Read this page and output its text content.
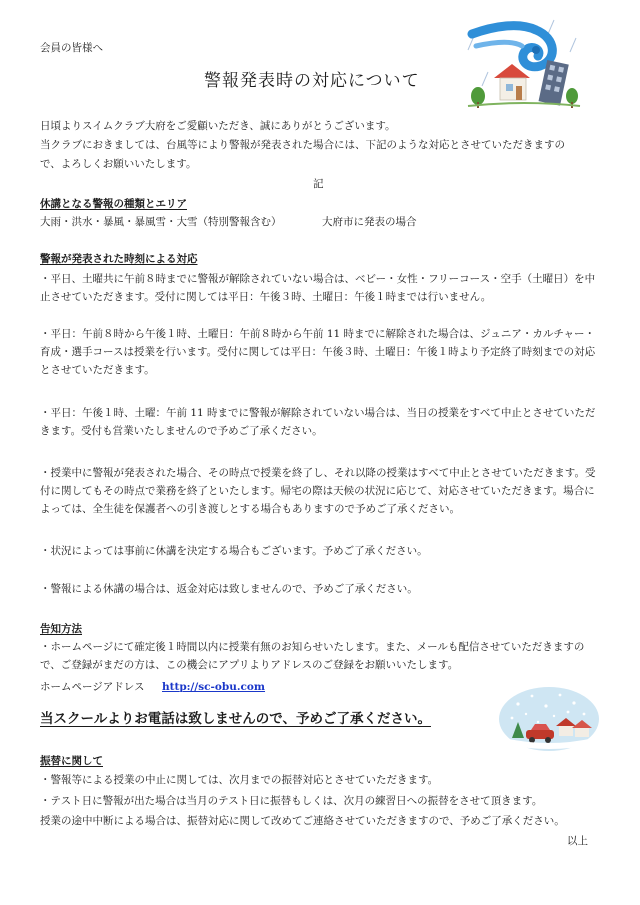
会員の皆様へ
警報発表時の対応について
日頃よりスイムクラブ大府をご愛顧いただき、誠にありがとうございます。
当クラブにおきましては、台風等により警報が発表された場合には、下記のような対応とさせていただきますの
で、よろしくお願いいたします。
記
休講となる警報の種類とエリア
大雨・洪水・暴風・暴風雪・大雪（特別警報含む）	大府市に発表の場合
警報が発表された時刻による対応
・平日、土曜共に午前８時までに警報が解除されていない場合は、ベビー・女性・フリーコース・空手（土曜日）を中止させていただきます。受付に関しては平日：午後３時、土曜日：午後１時までは行いません。
・平日：午前８時から午後１時、土曜日：午前８時から午前 11 時までに解除された場合は、ジュニア・カルチャー・育成・選手コースは授業を行います。受付に関しては平日：午後３時、土曜日：午後１時より予定終了時刻までの対応とさせていただきます。
・平日：午後１時、土曜：午前 11 時までに警報が解除されていない場合は、当日の授業をすべて中止とさせていただきます。受付も営業いたしませんので予めご了承ください。
・授業中に警報が発表された場合、その時点で授業を終了し、それ以降の授業はすべて中止とさせていただきます。受付に関してもその時点で業務を終了といたします。帰宅の際は天候の状況に応じて、対応させていただきます。場合によっては、全生徒を保護者への引き渡しとする場合もありますので予めご了承ください。
・状況によっては事前に休講を決定する場合もございます。予めご了承ください。
・警報による休講の場合は、返金対応は致しませんので、予めご了承ください。
告知方法
・ホームページにて確定後１時間以内に授業有無のお知らせいたします。また、メールも配信させていただきますので、ご登録がまだの方は、この機会にアプリよりアドレスのご登録をお願いいたします。
ホームページアドレス http://sc-obu.com
当スクールよりお電話は致しませんので、予めご了承ください。
振替に関して
・警報等による授業の中止に関しては、次月までの振替対応とさせていただきます。
・テスト日に警報が出た場合は当月のテスト日に振替もしくは、次月の練習日への振替をさせて頂きます。
授業の途中中断による場合は、振替対応に関して改めてご連絡させていただきますので、予めご了承ください。
以上
